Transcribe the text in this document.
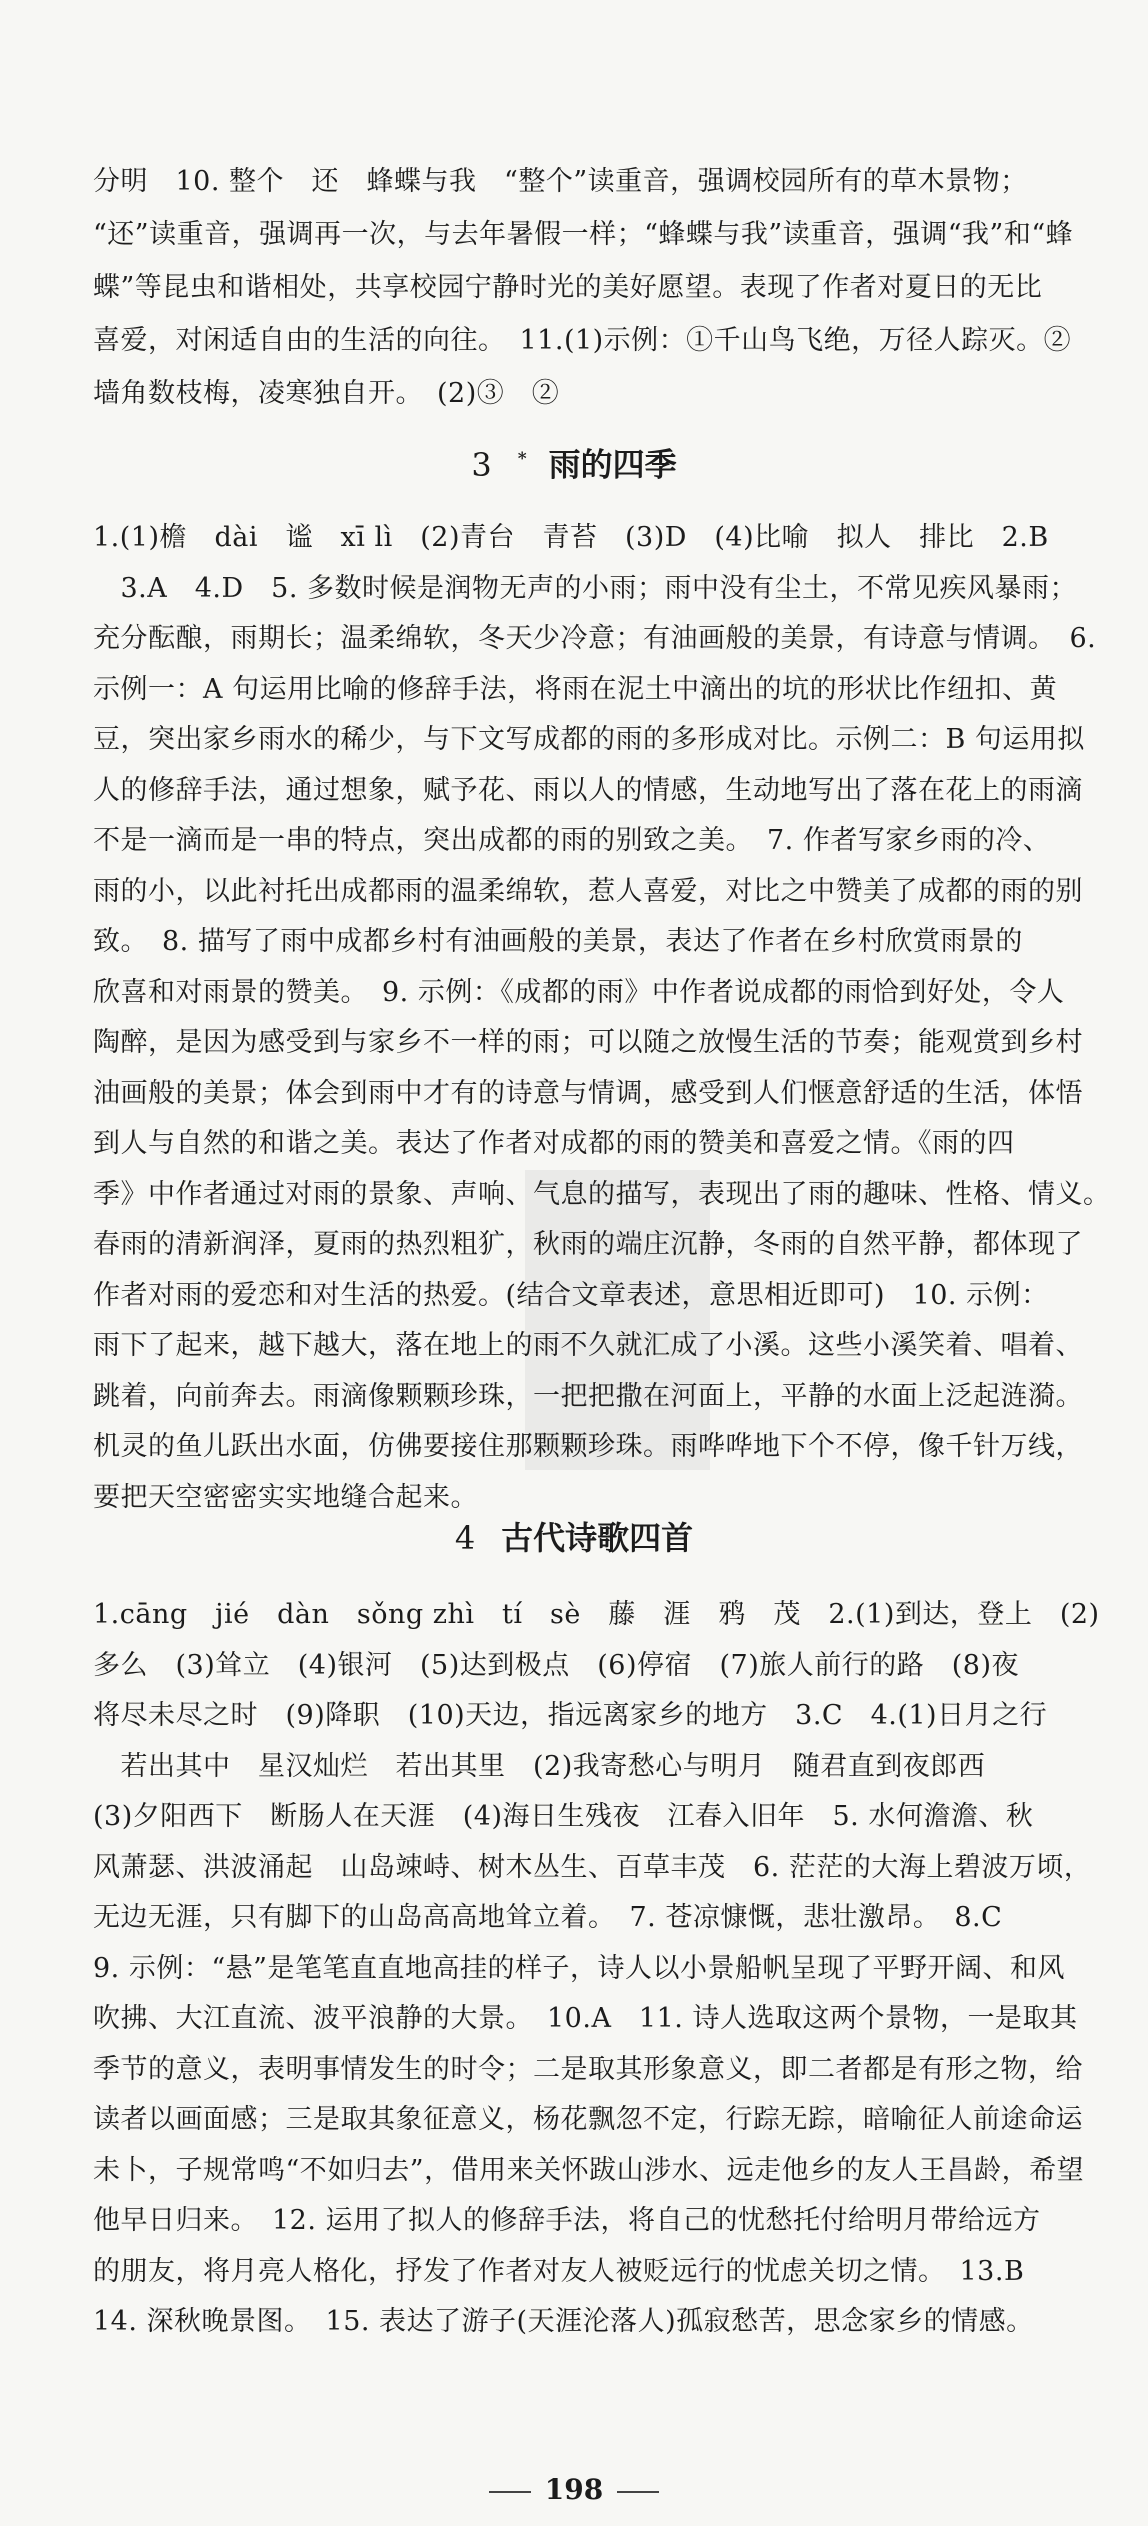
分明　10. 整个　还　蜂蝶与我　“整个”读重音，强调校园所有的草木景物；
“还”读重音，强调再一次，与去年暑假一样；“蜂蝶与我”读重音，强调“我”和“蜂
蝶”等昆虫和谐相处，共享校园宁静时光的美好愿望。表现了作者对夏日的无比
喜爱，对闲适自由的生活的向往。　11.(1)示例：①千山鸟飞绝，万径人踪灭。②
墙角数枝梅，凌寒独自开。　(2)③　②
3 * 雨的四季
1.(1)檐　dài　谧　xī lì　(2)青台　青苔　(3)D　(4)比喻　拟人　排比　2.B
　3.A　4.D　5. 多数时候是润物无声的小雨；雨中没有尘土，不常见疾风暴雨；
充分酝酿，雨期长；温柔绵软，冬天少冷意；有油画般的美景，有诗意与情调。　6.
示例一：A 句运用比喻的修辞手法，将雨在泥土中滴出的坑的形状比作纽扣、黄
豆，突出家乡雨水的稀少，与下文写成都的雨的多形成对比。示例二：B 句运用拟
人的修辞手法，通过想象，赋予花、雨以人的情感，生动地写出了落在花上的雨滴
不是一滴而是一串的特点，突出成都的雨的别致之美。　7. 作者写家乡雨的冷、
雨的小，以此衬托出成都雨的温柔绵软，惹人喜爱，对比之中赞美了成都的雨的别
致。　8. 描写了雨中成都乡村有油画般的美景，表达了作者在乡村欣赏雨景的
欣喜和对雨景的赞美。　9. 示例：《成都的雨》中作者说成都的雨恰到好处，令人
陶醉，是因为感受到与家乡不一样的雨；可以随之放慢生活的节奏；能观赏到乡村
油画般的美景；体会到雨中才有的诗意与情调，感受到人们惬意舒适的生活，体悟
到人与自然的和谐之美。表达了作者对成都的雨的赞美和喜爱之情。《雨的四
季》中作者通过对雨的景象、声响、气息的描写，表现出了雨的趣味、性格、情义。
春雨的清新润泽，夏雨的热烈粗犷，秋雨的端庄沉静，冬雨的自然平静，都体现了
作者对雨的爱恋和对生活的热爱。(结合文章表述，意思相近即可)　10. 示例：
雨下了起来，越下越大，落在地上的雨不久就汇成了小溪。这些小溪笑着、唱着、
跳着，向前奔去。雨滴像颗颗珍珠，一把把撒在河面上，平静的水面上泛起涟漪。
机灵的鱼儿跃出水面，仿佛要接住那颗颗珍珠。雨哗哗地下个不停，像千针万线，
要把天空密密实实地缝合起来。
4 古代诗歌四首
1.cāng　jié　dàn　sǒng zhì　tí　sè　藤　涯　鸦　茂　2.(1)到达，登上　(2)
多么　(3)耸立　(4)银河　(5)达到极点　(6)停宿　(7)旅人前行的路　(8)夜
将尽未尽之时　(9)降职　(10)天边，指远离家乡的地方　3.C　4.(1)日月之行
　若出其中　星汉灿烂　若出其里　(2)我寄愁心与明月　随君直到夜郎西
(3)夕阳西下　断肠人在天涯　(4)海日生残夜　江春入旧年　5. 水何澹澹、秋
风萧瑟、洪波涌起　山岛竦峙、树木丛生、百草丰茂　6. 茫茫的大海上碧波万顷，
无边无涯，只有脚下的山岛高高地耸立着。　7. 苍凉慷慨，悲壮激昂。　8.C
9. 示例：“悬”是笔笔直直地高挂的样子，诗人以小景船帆呈现了平野开阔、和风
吹拂、大江直流、波平浪静的大景。　10.A　11. 诗人选取这两个景物，一是取其
季节的意义，表明事情发生的时令；二是取其形象意义，即二者都是有形之物，给
读者以画面感；三是取其象征意义，杨花飘忽不定，行踪无踪，暗喻征人前途命运
未卜，子规常鸣“不如归去”，借用来关怀跋山涉水、远走他乡的友人王昌龄，希望
他早日归来。　12. 运用了拟人的修辞手法，将自己的忧愁托付给明月带给远方
的朋友，将月亮人格化，抒发了作者对友人被贬远行的忧虑关切之情。　13.B
14. 深秋晚景图。　15. 表达了游子(天涯沦落人)孤寂愁苦，思念家乡的情感。
198
